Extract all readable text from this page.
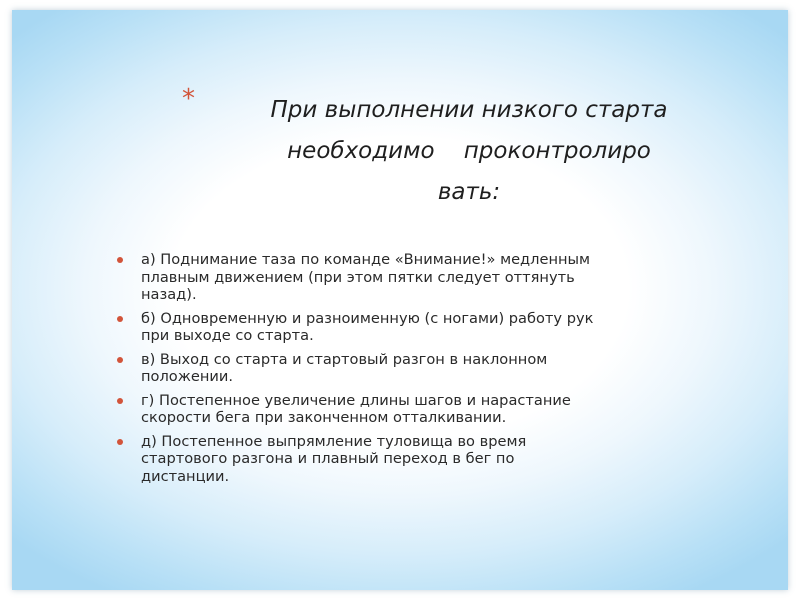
*	При выполнении низкого старта
необходимо    проконтролиро
вать:
а) Поднимание таза по команде «Внимание!» медленным
плавным движением (при этом пятки следует оттянуть
назад).
б) Одновременную и разноименную (с ногами) работу рук
при выходе со старта.
в) Выход со старта и стартовый разгон в наклонном
положении.
г) Постепенное увеличение длины шагов и нарастание
скорости бега при законченном отталкивании.
д) Постепенное выпрямление туловища во время
стартового разгона и плавный переход в бег по
дистанции.
